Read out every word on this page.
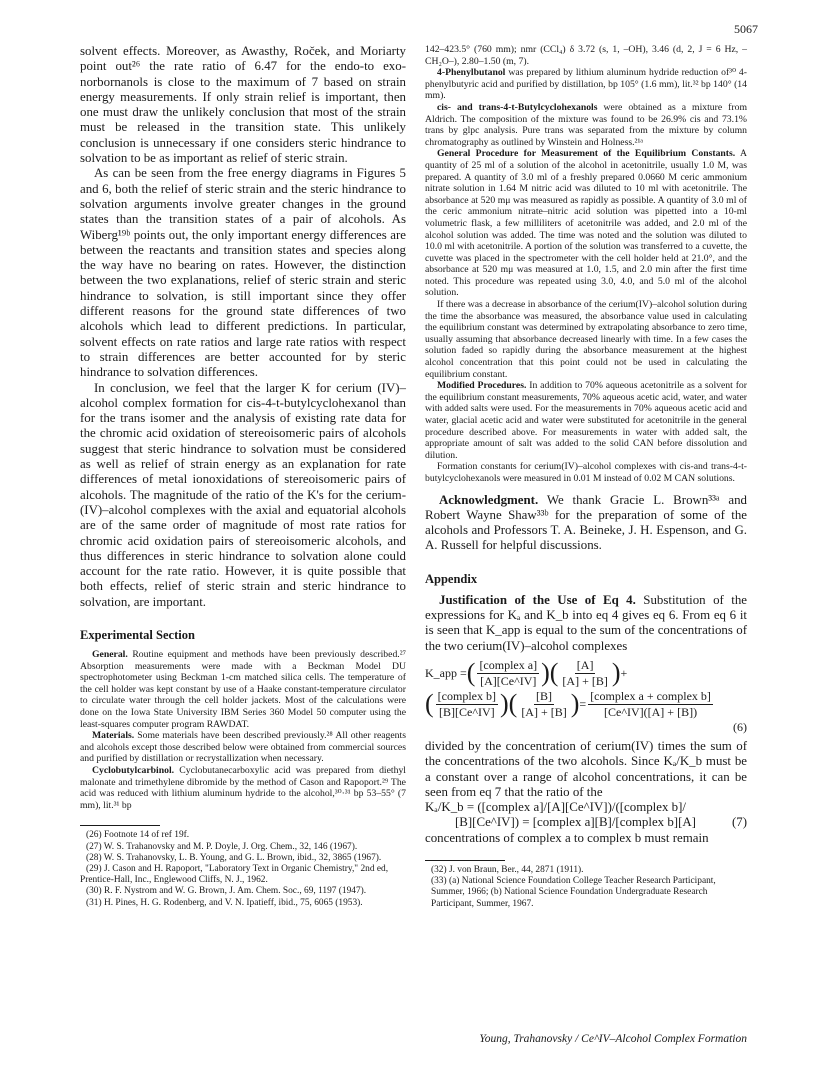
5067

solvent effects. Moreover, as Awasthy, Roček, and Moriarty point out²⁶ the rate ratio of 6.47 for the endo-to exo-norbornanols is close to the maximum of 7 based on strain energy measurements. If only strain relief is important, then one must draw the unlikely conclusion that most of the strain must be released in the transition state. This unlikely conclusion is unnecessary if one considers steric hindrance to solvation to be as important as relief of steric strain.

As can be seen from the free energy diagrams in Figures 5 and 6, both the relief of steric strain and the steric hindrance to solvation arguments involve greater changes in the ground states than the transition states of a pair of alcohols. As Wiberg¹⁹ᵇ points out, the only important energy differences are between the reactants and transition states and species along the way have no bearing on rates. However, the distinction between the two explanations, relief of steric strain and steric hindrance to solvation, is still important since they offer different reasons for the ground state differences of two alcohols which lead to different predictions. In particular, solvent effects on rate ratios and large rate ratios with respect to strain differences are better accounted for by steric hindrance to solvation differences.

In conclusion, we feel that the larger K for cerium (IV)–alcohol complex formation for cis-4-t-butylcyclohexanol than for the trans isomer and the analysis of existing rate data for the chromic acid oxidation of stereoisomeric pairs of alcohols suggest that steric hindrance to solvation must be considered as well as relief of strain energy as an explanation for rate differences of metal ionoxidations of stereoisomeric pairs of alcohols. The magnitude of the ratio of the K's for the cerium-(IV)–alcohol complexes with the axial and equatorial alcohols are of the same order of magnitude of most rate ratios for chromic acid oxidation pairs of stereoisomeric alcohols, and thus differences in steric hindrance to solvation alone could account for the rate ratio. However, it is quite possible that both effects, relief of steric strain and steric hindrance to solvation, are important.

Experimental Section

General. Routine equipment and methods have been previously described.²⁷ Absorption measurements were made with a Beckman Model DU spectrophotometer using Beckman 1-cm matched silica cells. The temperature of the cell holder was kept constant by use of a Haake constant-temperature circulator to circulate water through the cell holder jackets. Most of the calculations were done on the Iowa State University IBM Series 360 Model 50 computer using the least-squares computer program RAWDAT.

Materials. Some materials have been described previously.²⁸ All other reagents and alcohols except those described below were obtained from commercial sources and purified by distillation or recrystallization when necessary.

Cyclobutylcarbinol. Cyclobutanecarboxylic acid was prepared from diethyl malonate and trimethylene dibromide by the method of Cason and Rapoport.²⁹ The acid was reduced with lithium aluminum hydride to the alcohol,³⁰·³¹ bp 53–55° (7 mm), lit.³¹ bp

(26) Footnote 14 of ref 19f.
(27) W. S. Trahanovsky and M. P. Doyle, J. Org. Chem., 32, 146 (1967).
(28) W. S. Trahanovsky, L. B. Young, and G. L. Brown, ibid., 32, 3865 (1967).
(29) J. Cason and H. Rapoport, "Laboratory Text in Organic Chemistry," 2nd ed, Prentice-Hall, Inc., Englewood Cliffs, N. J., 1962.
(30) R. F. Nystrom and W. G. Brown, J. Am. Chem. Soc., 69, 1197 (1947).
(31) H. Pines, H. G. Rodenberg, and V. N. Ipatieff, ibid., 75, 6065 (1953).

142–423.5° (760 mm); nmr (CCl₄) δ 3.72 (s, 1, –OH), 3.46 (d, 2, J = 6 Hz, –CH₂O–), 2.80–1.50 (m, 7).

4-Phenylbutanol was prepared by lithium aluminum hydride reduction of³⁰ 4-phenylbutyric acid and purified by distillation, bp 105° (1.6 mm), lit.³² bp 140° (14 mm).

cis- and trans-4-t-Butylcyclohexanols were obtained as a mixture from Aldrich. The composition of the mixture was found to be 26.9% cis and 73.1% trans by glpc analysis. Pure trans was separated from the mixture by column chromatography as outlined by Winstein and Holness.²¹ᵃ

General Procedure for Measurement of the Equilibrium Constants. A quantity of 25 ml of a solution of the alcohol in acetonitrile, usually 1.0 M, was prepared. A quantity of 3.0 ml of a freshly prepared 0.0660 M ceric ammonium nitrate solution in 1.64 M nitric acid was diluted to 10 ml with acetonitrile. The absorbance at 520 mμ was measured as rapidly as possible. A quantity of 3.0 ml of the ceric ammonium nitrate–nitric acid solution was pipetted into a 10-ml volumetric flask, a few milliliters of acetonitrile was added, and 2.0 ml of the alcohol solution was added. The time was noted and the solution was diluted to 10.0 ml with acetonitrile. A portion of the solution was transferred to a cuvette, the cuvette was placed in the spectrometer with the cell holder held at 21.0°, and the absorbance at 520 mμ was measured at 1.0, 1.5, and 2.0 min after the first time noted. This procedure was repeated using 3.0, 4.0, and 5.0 ml of the alcohol solution.

If there was a decrease in absorbance of the cerium(IV)–alcohol solution during the time the absorbance was measured, the absorbance value used in calculating the equilibrium constant was determined by extrapolating absorbance to zero time, usually assuming that absorbance decreased linearly with time. In a few cases the solution faded so rapidly during the absorbance measurement at the highest alcohol concentration that this point could not be used in calculating the equilibrium constant.

Modified Procedures. In addition to 70% aqueous acetonitrile as a solvent for the equilibrium constant measurements, 70% aqueous acetic acid, water, and water with added salts were used. For the measurements in 70% aqueous acetic acid and water, glacial acetic acid and water were substituted for acetonitrile in the general procedure described above. For measurements in water with added salt, the appropriate amount of salt was added to the solid CAN before dissolution and dilution.

Formation constants for cerium(IV)–alcohol complexes with cis-and trans-4-t-butylcyclohexanols were measured in 0.01 M instead of 0.02 M CAN solutions.

Acknowledgment. We thank Gracie L. Brown³³ᵃ and Robert Wayne Shaw³³ᵇ for the preparation of some of the alcohols and Professors T. A. Beineke, J. H. Espenson, and G. A. Russell for helpful discussions.

Appendix

Justification of the Use of Eq 4. Substitution of the expressions for Kₐ and K_b into eq 4 gives eq 6. From eq 6 it is seen that K_app is equal to the sum of the concentrations of the two cerium(IV)–alcohol complexes

K_app = ( $\frac{\text{[complex a]}}{[A][Ce\^{}IV]}$ )( $\frac{[A]}{[A] + [B]}$ ) +
( $\frac{\text{[complex b]}}{[B][Ce\^{}IV]}$ )( $\frac{[B]}{[A] + [B]}$ ) = $\frac{\text{[complex a + complex b]}}{[Ce\^{}IV]([A] + [B])}$
(6)

divided by the concentration of cerium(IV) times the sum of the concentrations of the two alcohols. Since Kₐ/K_b must be a constant over a range of alcohol concentrations, it can be seen from eq 7 that the ratio of the

Kₐ/K_b = ([complex a]/[A][Ce^IV])/([complex b]/

[B][Ce^IV]) = [complex a][B]/[complex b][A]	(7)

concentrations of complex a to complex b must remain

(32) J. von Braun, Ber., 44, 2871 (1911).
(33) (a) National Science Foundation College Teacher Research Participant, Summer, 1966; (b) National Science Foundation Undergraduate Research Participant, Summer, 1967.
Young, Trahanovsky / Ce^IV–Alcohol Complex Formation
